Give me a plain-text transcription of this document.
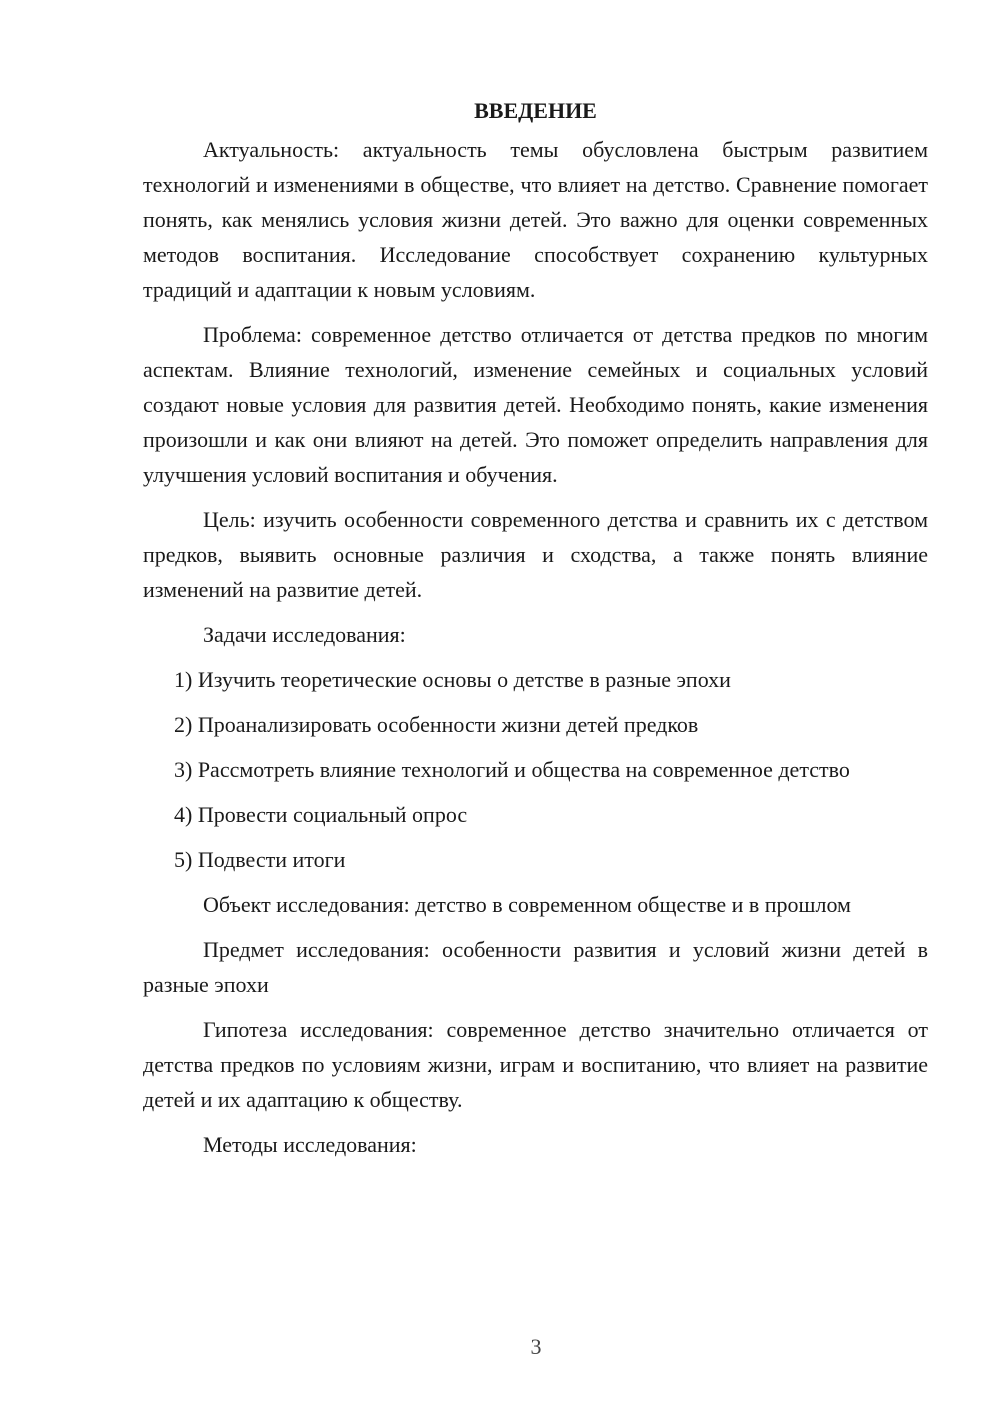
ВВЕДЕНИЕ

Актуальность: актуальность темы обусловлена быстрым развитием технологий и изменениями в обществе, что влияет на детство. Сравнение помогает понять, как менялись условия жизни детей. Это важно для оценки современных методов воспитания. Исследование способствует сохранению культурных традиций и адаптации к новым условиям.

Проблема: современное детство отличается от детства предков по многим аспектам. Влияние технологий, изменение семейных и социальных условий создают новые условия для развития детей. Необходимо понять, какие изменения произошли и как они влияют на детей. Это поможет определить направления для улучшения условий воспитания и обучения.

Цель: изучить особенности современного детства и сравнить их с детством предков, выявить основные различия и сходства, а также понять влияние изменений на развитие детей.

Задачи исследования:

1) Изучить теоретические основы о детстве в разные эпохи

2) Проанализировать особенности жизни детей предков

3) Рассмотреть влияние технологий и общества на современное детство

4) Провести социальный опрос

5) Подвести итоги

Объект исследования: детство в современном обществе и в прошлом

Предмет исследования: особенности развития и условий жизни детей в разные эпохи

Гипотеза исследования: современное детство значительно отличается от детства предков по условиям жизни, играм и воспитанию, что влияет на развитие детей и их адаптацию к обществу.

Методы исследования:

3
